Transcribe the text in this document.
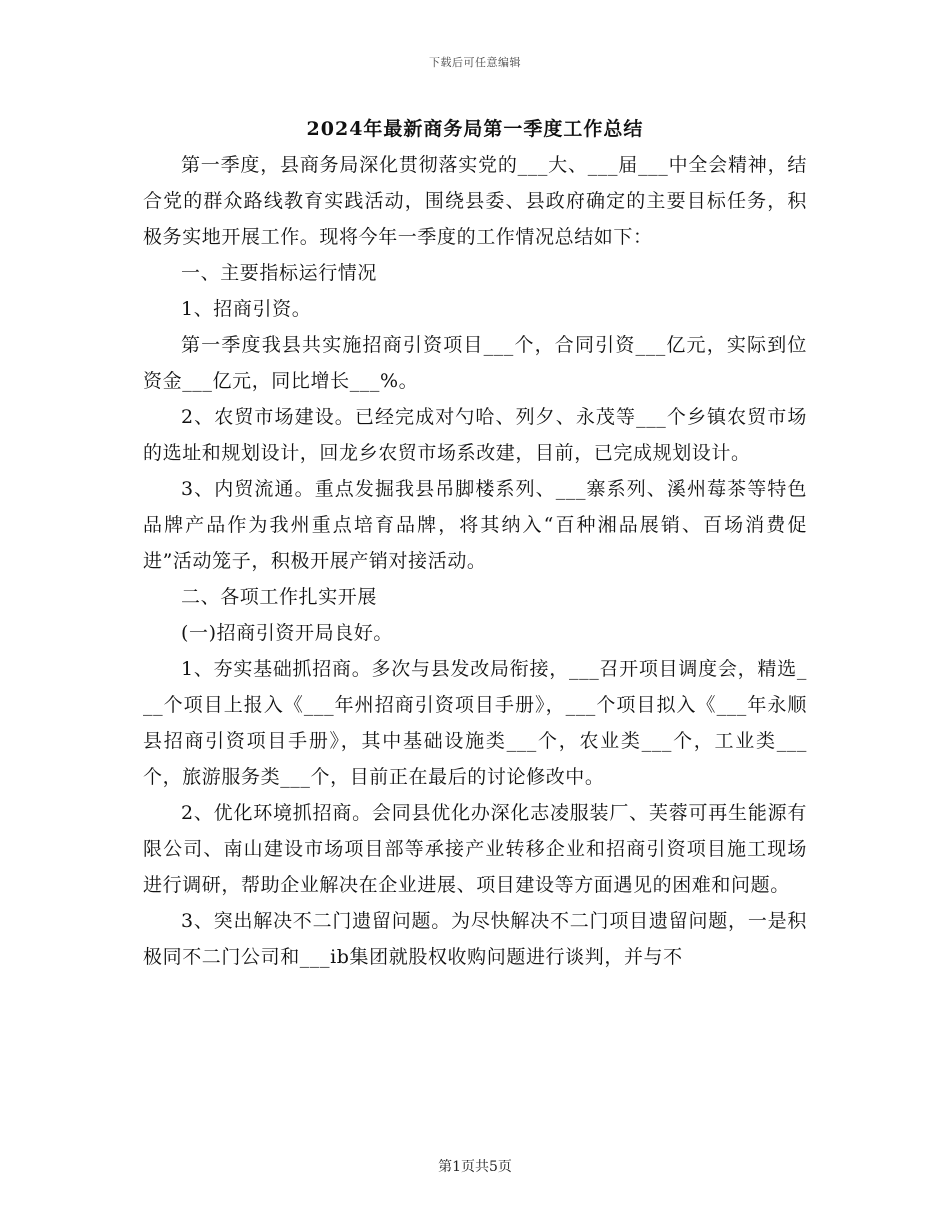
下载后可任意编辑
2024年最新商务局第一季度工作总结

第一季度，县商务局深化贯彻落实党的___大、___届___中全会精神，结合党的群众路线教育实践活动，围绕县委、县政府确定的主要目标任务，积极务实地开展工作。现将今年一季度的工作情况总结如下：

一、主要指标运行情况

1、招商引资。

第一季度我县共实施招商引资项目___个，合同引资___亿元，实际到位资金___亿元，同比增长___%。

2、农贸市场建设。已经完成对勺哈、列夕、永茂等___个乡镇农贸市场的选址和规划设计，回龙乡农贸市场系改建，目前，已完成规划设计。

3、内贸流通。重点发掘我县吊脚楼系列、___寨系列、溪州莓茶等特色品牌产品作为我州重点培育品牌，将其纳入“百种湘品展销、百场消费促进”活动笼子，积极开展产销对接活动。

二、各项工作扎实开展

(一)招商引资开局良好。

1、夯实基础抓招商。多次与县发改局衔接，___召开项目调度会，精选___个项目上报入《___年州招商引资项目手册》，___个项目拟入《___年永顺县招商引资项目手册》，其中基础设施类___个，农业类___个，工业类___个，旅游服务类___个，目前正在最后的讨论修改中。

2、优化环境抓招商。会同县优化办深化志凌服装厂、芙蓉可再生能源有限公司、南山建设市场项目部等承接产业转移企业和招商引资项目施工现场进行调研，帮助企业解决在企业进展、项目建设等方面遇见的困难和问题。

3、突出解决不二门遗留问题。为尽快解决不二门项目遗留问题，一是积极同不二门公司和___ib集团就股权收购问题进行谈判，并与不

第1页共5页
